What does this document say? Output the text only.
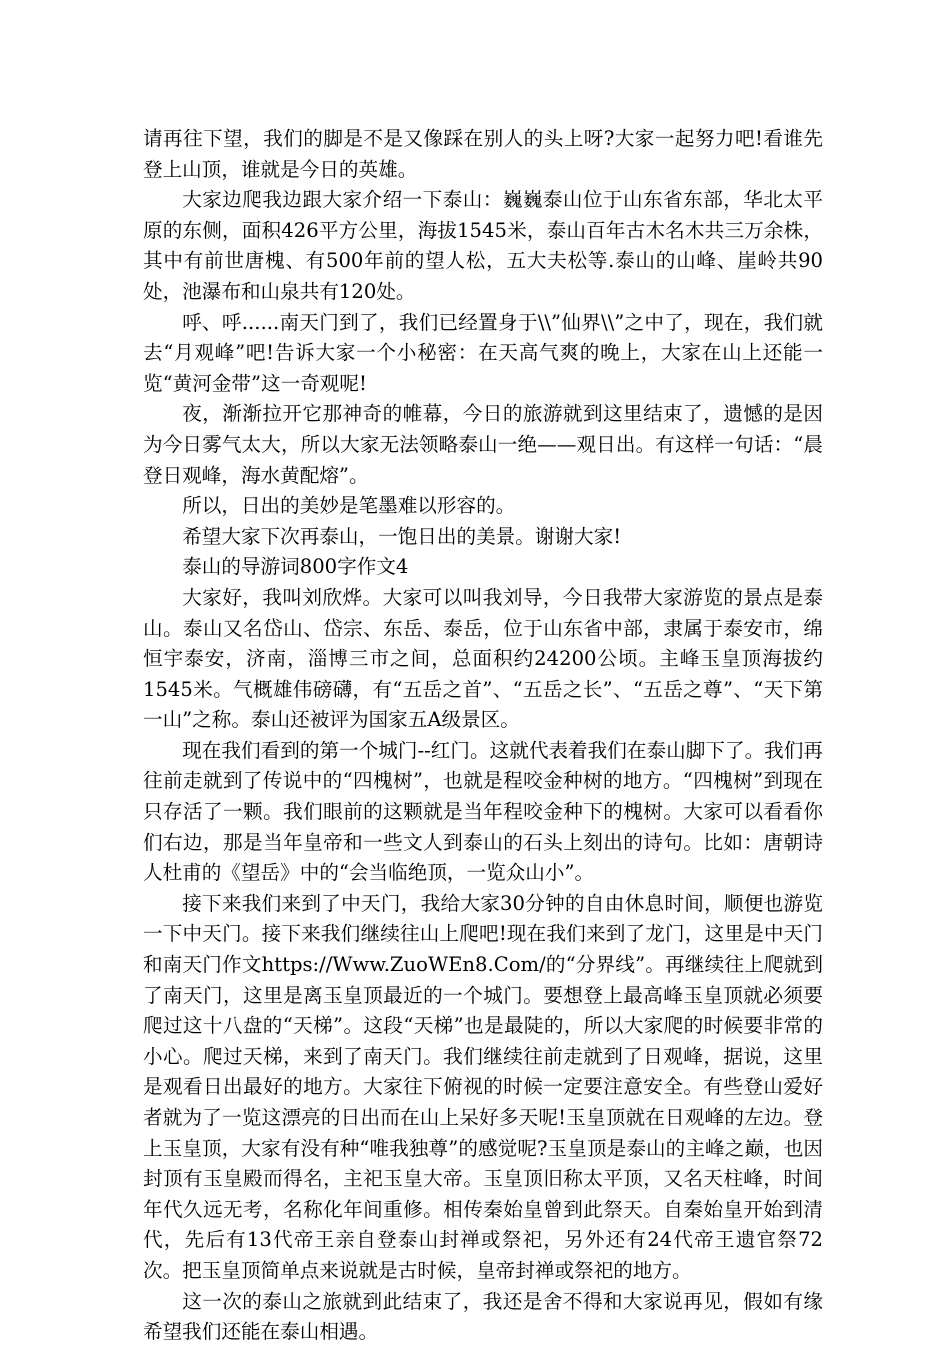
请再往下望，我们的脚是不是又像踩在别人的头上呀?大家一起努力吧!看谁先登上山顶，谁就是今日的英雄。

大家边爬我边跟大家介绍一下泰山：巍巍泰山位于山东省东部，华北太平原的东侧，面积426平方公里，海拔1545米，泰山百年古木名木共三万余株，其中有前世唐槐、有500年前的望人松，五大夫松等.泰山的山峰、崖岭共90处，池瀑布和山泉共有120处。

呼、呼......南天门到了，我们已经置身于\\”仙界\\”之中了，现在，我们就去“月观峰”吧!告诉大家一个小秘密：在天高气爽的晚上，大家在山上还能一览“黄河金带”这一奇观呢!

夜，渐渐拉开它那神奇的帷幕，今日的旅游就到这里结束了，遗憾的是因为今日雾气太大，所以大家无法领略泰山一绝——观日出。有这样一句话：“晨登日观峰，海水黄配熔”。

所以，日出的美妙是笔墨难以形容的。

希望大家下次再泰山，一饱日出的美景。谢谢大家!

泰山的导游词800字作文4

大家好，我叫刘欣烨。大家可以叫我刘导，今日我带大家游览的景点是泰山。泰山又名岱山、岱宗、东岳、泰岳，位于山东省中部，隶属于泰安市，绵恒宇泰安，济南，淄博三市之间，总面积约24200公顷。主峰玉皇顶海拔约1545米。气概雄伟磅礴，有“五岳之首”、“五岳之长”、“五岳之尊”、“天下第一山”之称。泰山还被评为国家五A级景区。

现在我们看到的第一个城门--红门。这就代表着我们在泰山脚下了。我们再往前走就到了传说中的“四槐树”，也就是程咬金种树的地方。“四槐树”到现在只存活了一颗。我们眼前的这颗就是当年程咬金种下的槐树。大家可以看看你们右边，那是当年皇帝和一些文人到泰山的石头上刻出的诗句。比如：唐朝诗人杜甫的《望岳》中的“会当临绝顶，一览众山小”。

接下来我们来到了中天门，我给大家30分钟的自由休息时间，顺便也游览一下中天门。接下来我们继续往山上爬吧!现在我们来到了龙门，这里是中天门和南天门作文https://Www.ZuoWEn8.Com/的“分界线”。再继续往上爬就到了南天门，这里是离玉皇顶最近的一个城门。要想登上最高峰玉皇顶就必须要爬过这十八盘的“天梯”。这段“天梯”也是最陡的，所以大家爬的时候要非常的小心。爬过天梯，来到了南天门。我们继续往前走就到了日观峰，据说，这里是观看日出最好的地方。大家往下俯视的时候一定要注意安全。有些登山爱好者就为了一览这漂亮的日出而在山上呆好多天呢!玉皇顶就在日观峰的左边。登上玉皇顶，大家有没有种“唯我独尊”的感觉呢?玉皇顶是泰山的主峰之巅，也因封顶有玉皇殿而得名，主祀玉皇大帝。玉皇顶旧称太平顶，又名天柱峰，时间年代久远无考，名称化年间重修。相传秦始皇曾到此祭天。自秦始皇开始到清代，先后有13代帝王亲自登泰山封禅或祭祀，另外还有24代帝王遗官祭72次。把玉皇顶简单点来说就是古时候，皇帝封禅或祭祀的地方。

这一次的泰山之旅就到此结束了，我还是舍不得和大家说再见，假如有缘希望我们还能在泰山相遇。
